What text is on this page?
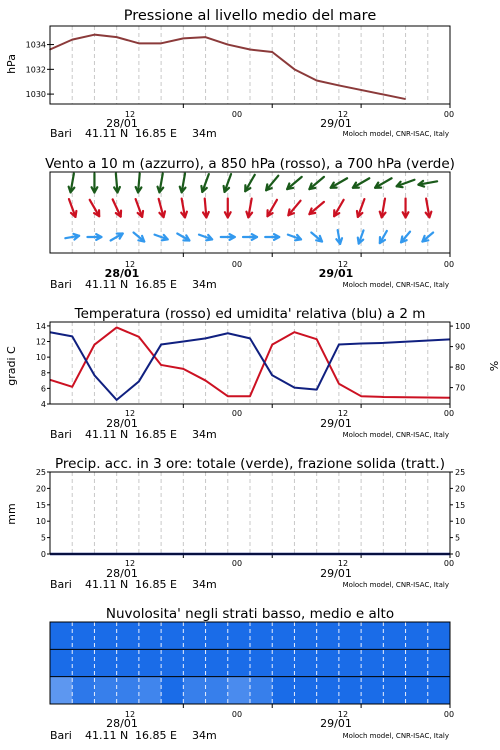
Pressione al livello medio del mare
hPa
1030
1032
1034
12	00	12	00
28/01	29/01
Bari 41.11 N 16.85 E 34m	Moloch model, CNR-ISAC, Italy
Vento a 10 m (azzurro), a 850 hPa (rosso), a 700 hPa (verde)
12	00	12	00
28/01	29/01
Bari 41.11 N 16.85 E 34m	Moloch model, CNR-ISAC, Italy
Temperatura (rosso) ed umidita' relativa (blu) a 2 m
gradi C	%
4
6
8
10
12
14
70
80
90
100
12	00	12	00
28/01	29/01
Bari 41.11 N 16.85 E 34m	Moloch model, CNR-ISAC, Italy
Precip. acc. in 3 ore: totale (verde), frazione solida (tratt.)
mm
0
5
10
15
20
25
0
5
10
15
20
25
12	00	12	00
28/01	29/01
Bari 41.11 N 16.85 E 34m	Moloch model, CNR-ISAC, Italy
Nuvolosita' negli strati basso, medio e alto
12	00	12	00
28/01	29/01
Bari 41.11 N 16.85 E 34m	Moloch model, CNR-ISAC, Italy
